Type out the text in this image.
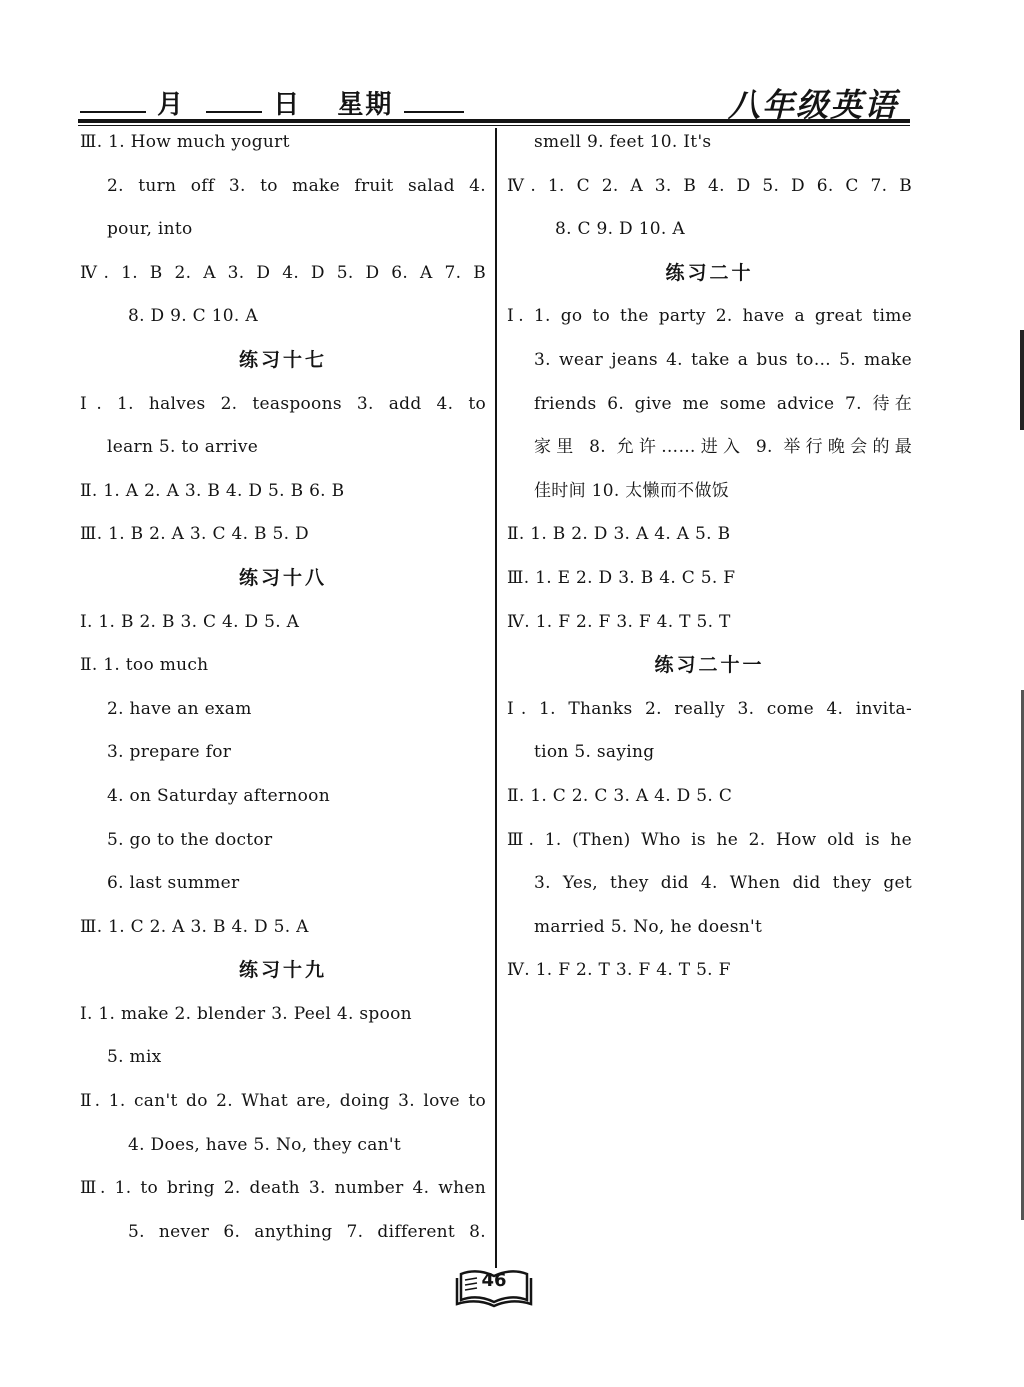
月	日 星期	八年级英语
Ⅲ. 1. How much yogurt
2. turn off 3. to make fruit salad 4.
pour, into
Ⅳ. 1. B 2. A 3. D 4. D 5. D 6. A 7. B
8. D 9. C 10. A
练习十七
Ⅰ. 1. halves 2. teaspoons 3. add 4. to
learn 5. to arrive
Ⅱ. 1. A 2. A 3. B 4. D 5. B 6. B
Ⅲ. 1. B 2. A 3. C 4. B 5. D
练习十八
Ⅰ. 1. B 2. B 3. C 4. D 5. A
Ⅱ. 1. too much
2. have an exam
3. prepare for
4. on Saturday afternoon
5. go to the doctor
6. last summer
Ⅲ. 1. C 2. A 3. B 4. D 5. A
练习十九
Ⅰ. 1. make 2. blender 3. Peel 4. spoon
5. mix
Ⅱ. 1. can't do 2. What are, doing 3. love to
4. Does, have 5. No, they can't
Ⅲ. 1. to bring 2. death 3. number 4. when
5. never 6. anything 7. different 8.
smell 9. feet 10. It's
Ⅳ. 1. C 2. A 3. B 4. D 5. D 6. C 7. B
8. C 9. D 10. A
练习二十
Ⅰ. 1. go to the party 2. have a great time
3. wear jeans 4. take a bus to… 5. make
friends 6. give me some advice 7. 待在
家里 8. 允许……进入 9. 举行晚会的最
佳时间 10. 太懒而不做饭
Ⅱ. 1. B 2. D 3. A 4. A 5. B
Ⅲ. 1. E 2. D 3. B 4. C 5. F
Ⅳ. 1. F 2. F 3. F 4. T 5. T
练习二十一
Ⅰ. 1. Thanks 2. really 3. come 4. invita-
tion 5. saying
Ⅱ. 1. C 2. C 3. A 4. D 5. C
Ⅲ. 1. (Then) Who is he 2. How old is he
3. Yes, they did 4. When did they get
married 5. No, he doesn't
Ⅳ. 1. F 2. T 3. F 4. T 5. F
46
